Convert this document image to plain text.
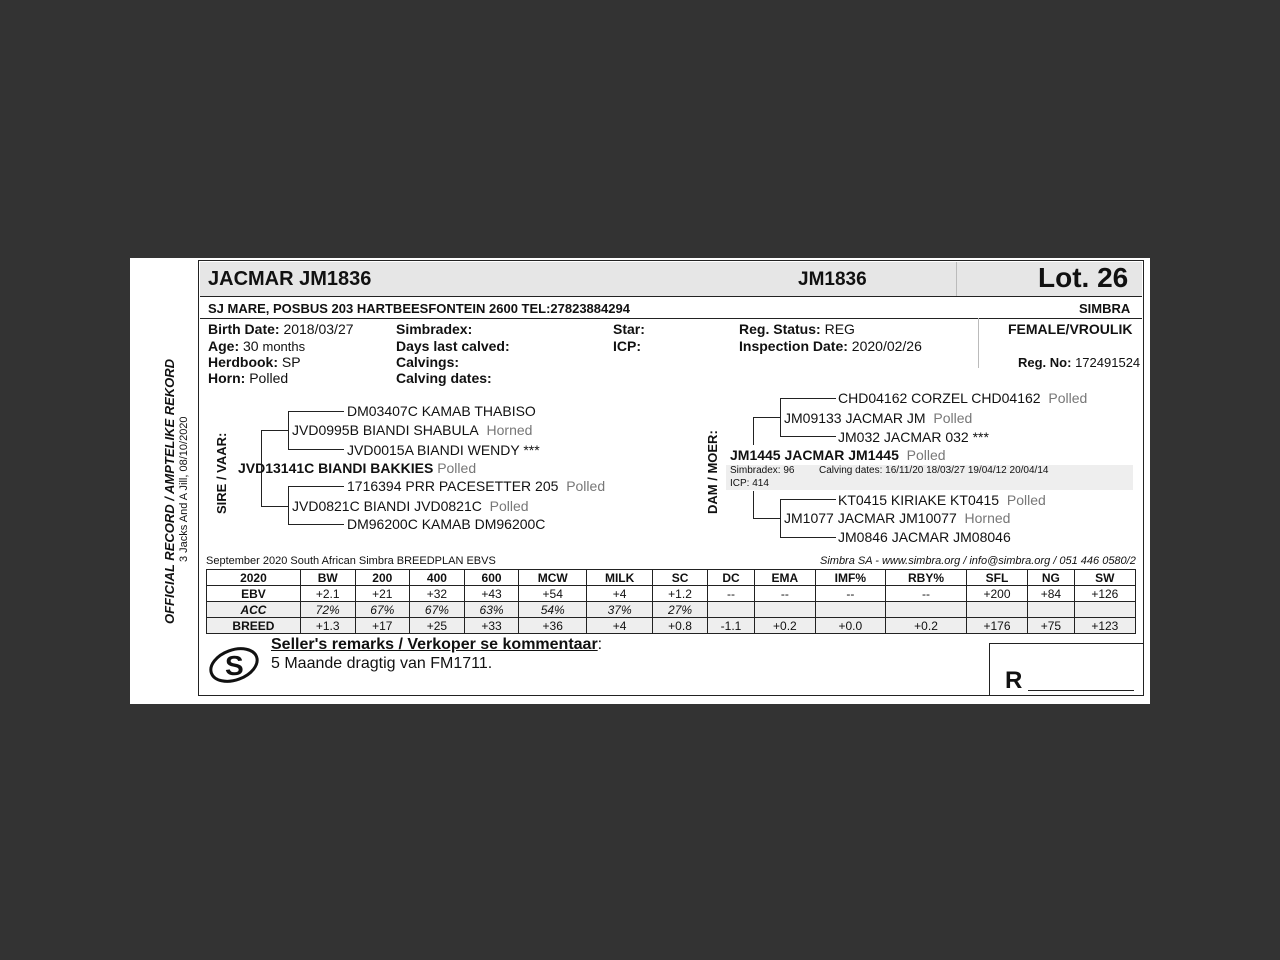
OFFICIAL RECORD / AMPTELIKE REKORD 3 Jacks And A Jill, 08/10/2020
JACMAR JM1836	JM1836	Lot. 26
SJ MARE, POSBUS 203 HARTBEESFONTEIN 2600 TEL:27823884294	SIMBRA
Birth Date: 2018/03/27
Age: 30 months
Herdbook: SP
Horn: Polled
Simbradex:
Days last calved:
Calvings:
Calving dates:
Star:
ICP:
Reg. Status: REG
Inspection Date: 2020/02/26
FEMALE/VROULIK
Reg. No: 172491524
SIRE / VAAR:
DM03407C KAMAB THABISO
JVD0995B BIANDI SHABULA Horned
JVD0015A BIANDI WENDY ***
JVD13141C BIANDI BAKKIES Polled
1716394 PRR PACESETTER 205 Polled
JVD0821C BIANDI JVD0821C Polled
DM96200C KAMAB DM96200C
DAM / MOER:
CHD04162 CORZEL CHD04162 Polled
JM09133 JACMAR JM Polled
JM032 JACMAR 032 ***
JM1445 JACMAR JM1445 Polled
Simbradex: 96 Calving dates: 16/11/20 18/03/27 19/04/12 20/04/14
ICP: 414
KT0415 KIRIAKE KT0415 Polled
JM1077 JACMAR JM10077 Horned
JM0846 JACMAR JM08046
September 2020 South African Simbra BREEDPLAN EBVS	Simbra SA - www.simbra.org / info@simbra.org / 051 446 0580/2
2020	BW	200	400	600	MCW	MILK	SC	DC	EMA	IMF%	RBY%	SFL	NG	SW
EBV	+2.1	+21	+32	+43	+54	+4	+1.2	--	--	--	--	+200	+84	+126
ACC	72%	67%	67%	63%	54%	37%	27%							
BREED	+1.3	+17	+25	+33	+36	+4	+0.8	-1.1	+0.2	+0.0	+0.2	+176	+75	+123
S
Seller's remarks / Verkoper se kommentaar:
5 Maande dragtig van FM1711.
R
